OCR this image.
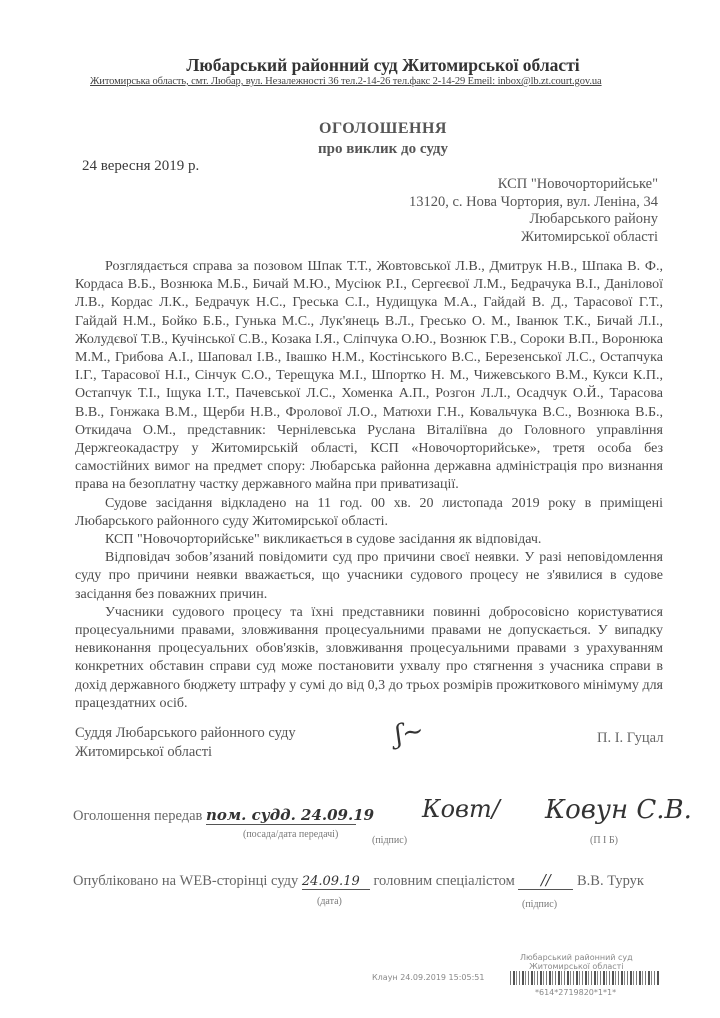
Любарський районний суд Житомирської області
Житомирська область, смт. Любар, вул. Незалежності 36 тел.2-14-26 тел.факс 2-14-29 Emeil: inbox@lb.zt.court.gov.ua
ОГОЛОШЕННЯ
про виклик до суду
24 вересня 2019 р.
КСП "Новочорторийське"
13120, с. Нова Чортория, вул. Леніна, 34
Любарського району
Житомирської області

Розглядається справа за позовом Шпак Т.Т., Жовтовської Л.В., Дмитрук Н.В., Шпака В. Ф., Кордаса В.Б., Вознюка М.Б., Бичай М.Ю., Мусіюк Р.І., Сергеєвої Л.М., Бедрачука В.І., Данілової Л.В., Кордас Л.К., Бедрачук Н.С., Греська С.І., Нудищука М.А., Гайдай В. Д., Тарасової Г.Т., Гайдай Н.М., Бойко Б.Б., Гунька М.С., Лук'янець В.Л., Гресько О. М., Іванюк Т.К., Бичай Л.І., Жолудєвої Т.В., Кучінської С.В., Козака І.Я., Сліпчука О.Ю., Вознюк Г.В., Сороки В.П., Воронюка М.М., Грибова А.І., Шаповал І.В., Івашко Н.М., Костінського В.С., Березенської Л.С., Остапчука І.Г., Тарасової Н.І., Сінчук С.О., Терещука М.І., Шпортко Н. М., Чижевського В.М., Кукси К.П., Остапчук Т.І., Іщука І.Т., Пачевської Л.С., Хоменка А.П., Розгон Л.Л., Осадчук О.Й., Тарасова В.В., Гонжака В.М., Щерби Н.В., Фролової Л.О., Матюхи Г.Н., Ковальчука В.С., Вознюка В.Б., Откидача О.М., представник: Чернілевська Руслана Віталіївна до Головного управління Держгеокадастру у Житомирській області, КСП «Новочорторийське», третя особа без самостійних вимог на предмет спору: Любарська районна державна адміністрація про визнання права на безоплатну частку державного майна при приватизації.

Судове засідання відкладено на 11 год. 00 хв. 20 листопада 2019 року в приміщені Любарського районного суду Житомирської області.

КСП "Новочорторийське" викликається в судове засідання як відповідач.

Відповідач зобов’язаний повідомити суд про причини своєї неявки. У разі неповідомлення суду про причини неявки вважається, що учасники судового процесу не з'явилися в судове засідання без поважних причин.

Учасники судового процесу та їхні представники повинні добросовісно користуватися процесуальними правами, зловживання процесуальними правами не допускається. У випадку невиконання процесуальних обов'язків, зловживання процесуальними правами з урахуванням конкретних обставин справи суд може постановити ухвалу про стягнення з учасника справи в дохід державного бюджету штрафу у сумі до від 0,3 до трьох розмірів прожиткового мінімуму для працездатних осіб.

Суддя Любарського районного суду
Житомирської області
ʃ~	П. І. Гуцал
Оголошення передав пом. судд. 24.09.19
(посада/дата передачі)
Ковт/
(підпис)
Ковун С.В.
(П І Б)
Опубліковано на WEB-сторінці суду 24.09.19 головним спеціалістом // В.В. Турук
(дата)	(підпис)
Любарський районний суд
Житомирської області
Клаун 24.09.2019 15:05:51
*614*2719820*1*1*
